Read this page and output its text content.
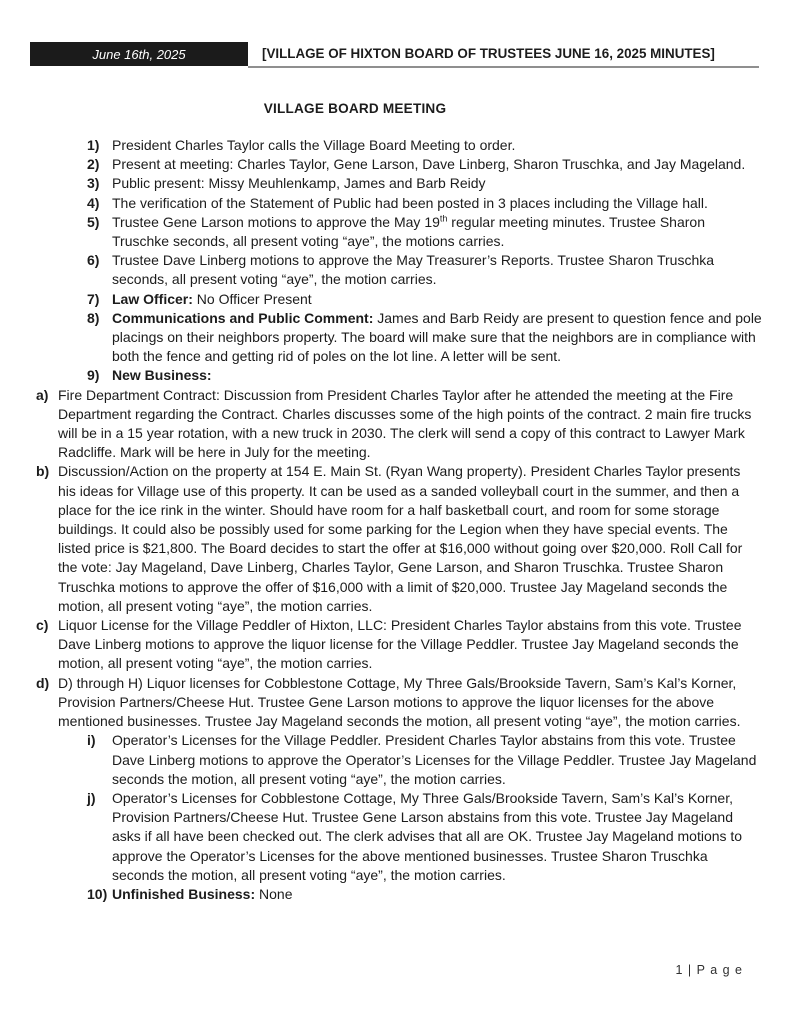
June 16th, 2025	[VILLAGE OF HIXTON BOARD OF TRUSTEES JUNE 16, 2025 MINUTES]
VILLAGE BOARD MEETING
1) President Charles Taylor calls the Village Board Meeting to order.
2) Present at meeting: Charles Taylor, Gene Larson, Dave Linberg, Sharon Truschka, and Jay Mageland.
3) Public present: Missy Meuhlenkamp, James and Barb Reidy
4) The verification of the Statement of Public had been posted in 3 places including the Village hall.
5) Trustee Gene Larson motions to approve the May 19th regular meeting minutes. Trustee Sharon Truschke seconds, all present voting “aye”, the motions carries.
6) Trustee Dave Linberg motions to approve the May Treasurer’s Reports. Trustee Sharon Truschka seconds, all present voting “aye”, the motion carries.
7) Law Officer: No Officer Present
8) Communications and Public Comment: James and Barb Reidy are present to question fence and pole placings on their neighbors property. The board will make sure that the neighbors are in compliance with both the fence and getting rid of poles on the lot line. A letter will be sent.
9) New Business:
a) Fire Department Contract: Discussion from President Charles Taylor after he attended the meeting at the Fire Department regarding the Contract. Charles discusses some of the high points of the contract. 2 main fire trucks will be in a 15 year rotation, with a new truck in 2030. The clerk will send a copy of this contract to Lawyer Mark Radcliffe. Mark will be here in July for the meeting.
b) Discussion/Action on the property at 154 E. Main St. (Ryan Wang property). President Charles Taylor presents his ideas for Village use of this property. It can be used as a sanded volleyball court in the summer, and then a place for the ice rink in the winter. Should have room for a half basketball court, and room for some storage buildings. It could also be possibly used for some parking for the Legion when they have special events. The listed price is $21,800. The Board decides to start the offer at $16,000 without going over $20,000. Roll Call for the vote: Jay Mageland, Dave Linberg, Charles Taylor, Gene Larson, and Sharon Truschka. Trustee Sharon Truschka motions to approve the offer of $16,000 with a limit of $20,000. Trustee Jay Mageland seconds the motion, all present voting “aye”, the motion carries.
c) Liquor License for the Village Peddler of Hixton, LLC: President Charles Taylor abstains from this vote. Trustee Dave Linberg motions to approve the liquor license for the Village Peddler. Trustee Jay Mageland seconds the motion, all present voting “aye”, the motion carries.
d) D) through H) Liquor licenses for Cobblestone Cottage, My Three Gals/Brookside Tavern, Sam’s Kal’s Korner, Provision Partners/Cheese Hut. Trustee Gene Larson motions to approve the liquor licenses for the above mentioned businesses. Trustee Jay Mageland seconds the motion, all present voting “aye”, the motion carries.
i)	Operator’s Licenses for the Village Peddler. President Charles Taylor abstains from this vote. Trustee Dave Linberg motions to approve the Operator’s Licenses for the Village Peddler. Trustee Jay Mageland seconds the motion, all present voting “aye”, the motion carries.
j)	Operator’s Licenses for Cobblestone Cottage, My Three Gals/Brookside Tavern, Sam’s Kal’s Korner, Provision Partners/Cheese Hut. Trustee Gene Larson abstains from this vote. Trustee Jay Mageland asks if all have been checked out. The clerk advises that all are OK. Trustee Jay Mageland motions to approve the Operator’s Licenses for the above mentioned businesses. Trustee Sharon Truschka seconds the motion, all present voting “aye”, the motion carries.
10) Unfinished Business: None
1 | P a g e
